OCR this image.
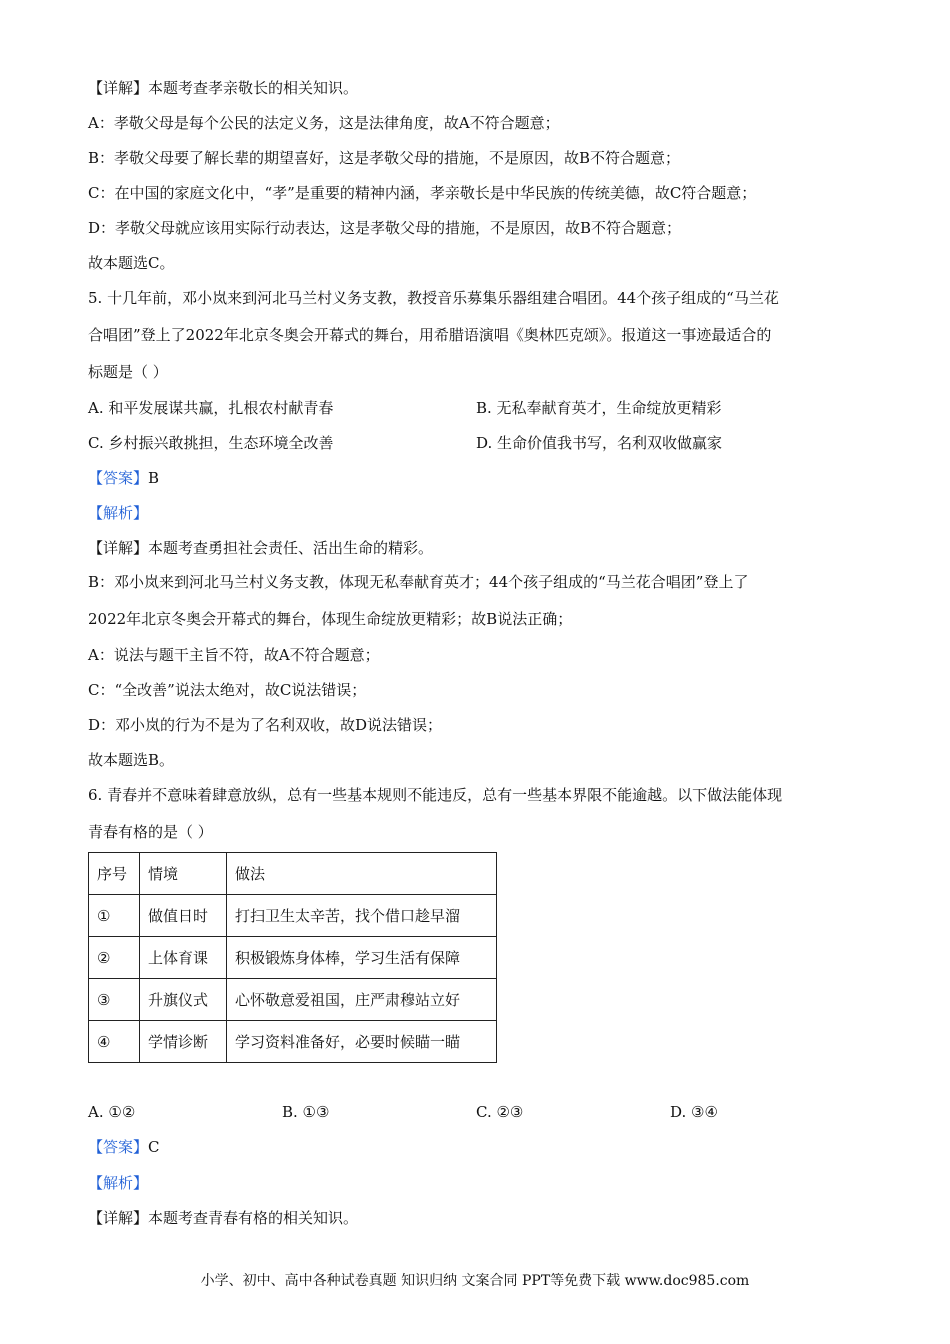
【详解】本题考查孝亲敬长的相关知识。
A：孝敬父母是每个公民的法定义务，这是法律角度，故A不符合题意；
B：孝敬父母要了解长辈的期望喜好，这是孝敬父母的措施，不是原因，故B不符合题意；
C：在中国的家庭文化中，“孝”是重要的精神内涵，孝亲敬长是中华民族的传统美德，故C符合题意；
D：孝敬父母就应该用实际行动表达，这是孝敬父母的措施，不是原因，故B不符合题意；
故本题选C。
5. 十几年前，邓小岚来到河北马兰村义务支教，教授音乐募集乐器组建合唱团。44个孩子组成的“马兰花
合唱团”登上了2022年北京冬奥会开幕式的舞台，用希腊语演唱《奥林匹克颂》。报道这一事迹最适合的
标题是（ ）
A. 和平发展谋共赢，扎根农村献青春	B. 无私奉献育英才，生命绽放更精彩
C. 乡村振兴敢挑担，生态环境全改善	D. 生命价值我书写，名利双收做赢家
【答案】B
【解析】
【详解】本题考查勇担社会责任、活出生命的精彩。
B：邓小岚来到河北马兰村义务支教，体现无私奉献育英才；44个孩子组成的“马兰花合唱团”登上了
2022年北京冬奥会开幕式的舞台，体现生命绽放更精彩；故B说法正确；
A：说法与题干主旨不符，故A不符合题意；
C：“全改善”说法太绝对，故C说法错误；
D：邓小岚的行为不是为了名利双收，故D说法错误；
故本题选B。
6. 青春并不意味着肆意放纵，总有一些基本规则不能违反，总有一些基本界限不能逾越。以下做法能体现
青春有格的是（ ）
序号	情境	做法
①	做值日时	打扫卫生太辛苦，找个借口趁早溜
②	上体育课	积极锻炼身体棒，学习生活有保障
③	升旗仪式	心怀敬意爱祖国，庄严肃穆站立好
④	学情诊断	学习资料准备好，必要时候瞄一瞄
A. ①②	B. ①③	C. ②③	D. ③④
【答案】C
【解析】
【详解】本题考查青春有格的相关知识。
小学、初中、高中各种试卷真题 知识归纳 文案合同 PPT等免费下载 www.doc985.com
